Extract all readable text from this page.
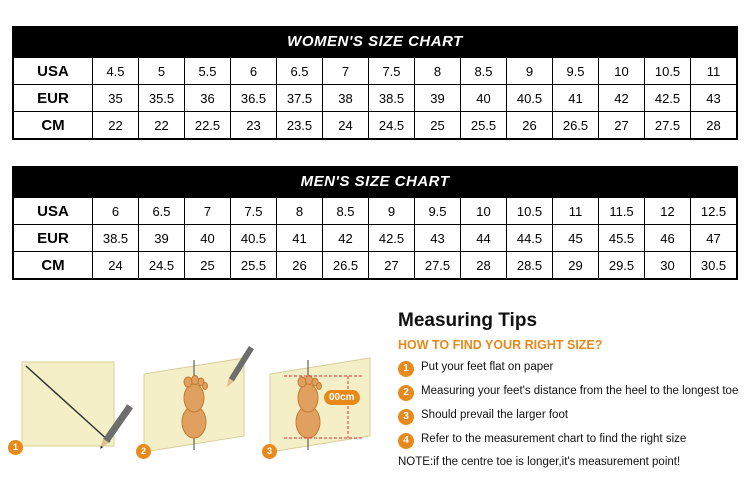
WOMEN'S SIZE CHART
USA	4.5	5	5.5	6	6.5	7	7.5	8	8.5	9	9.5	10	10.5	11
EUR	35	35.5	36	36.5	37.5	38	38.5	39	40	40.5	41	42	42.5	43
CM	22	22	22.5	23	23.5	24	24.5	25	25.5	26	26.5	27	27.5	28
MEN'S SIZE CHART
USA	6	6.5	7	7.5	8	8.5	9	9.5	10	10.5	11	11.5	12	12.5
EUR	38.5	39	40	40.5	41	42	42.5	43	44	44.5	45	45.5	46	47
CM	24	24.5	25	25.5	26	26.5	27	27.5	28	28.5	29	29.5	30	30.5
1	2	3
00cm
Measuring Tips
HOW TO FIND YOUR RIGHT SIZE?
1	Put your feet flat on paper
2	Measuring your feet's distance from the heel to the longest toe
3	Should prevail the larger foot
4	Refer to the measurement chart to find the right size
NOTE:if the centre toe is longer,it's measurement point!
